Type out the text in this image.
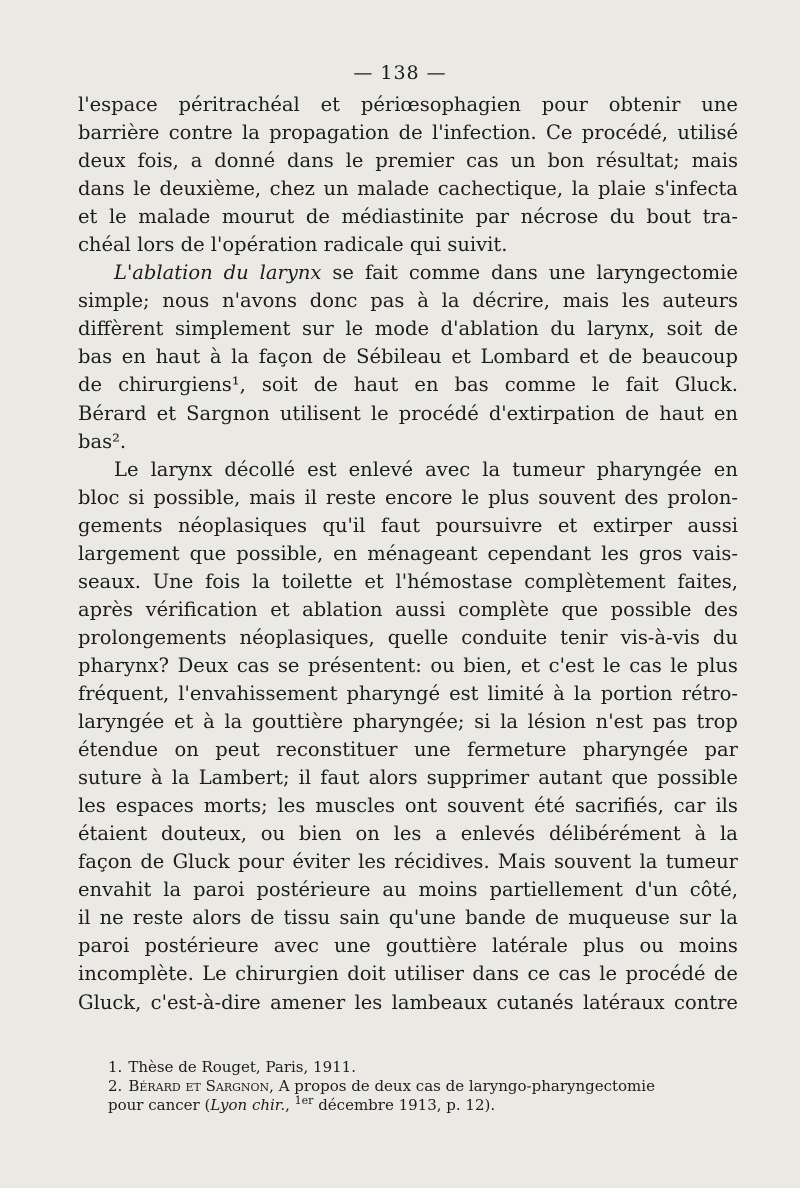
— 138 —
l'espace péritrachéal et périœsophagien pour obtenir une
barrière contre la propagation de l'infection. Ce procédé, utilisé
deux fois, a donné dans le premier cas un bon résultat; mais
dans le deuxième, chez un malade cachectique, la plaie s'infecta
et le malade mourut de médiastinite par nécrose du bout tra-
chéal lors de l'opération radicale qui suivit.
L'ablation du larynx se fait comme dans une laryngectomie
simple; nous n'avons donc pas à la décrire, mais les auteurs
diffèrent simplement sur le mode d'ablation du larynx, soit de
bas en haut à la façon de Sébileau et Lombard et de beaucoup
de chirurgiens¹, soit de haut en bas comme le fait Gluck.
Bérard et Sargnon utilisent le procédé d'extirpation de haut en
bas².
Le larynx décollé est enlevé avec la tumeur pharyngée en
bloc si possible, mais il reste encore le plus souvent des prolon-
gements néoplasiques qu'il faut poursuivre et extirper aussi
largement que possible, en ménageant cependant les gros vais-
seaux. Une fois la toilette et l'hémostase complètement faites,
après vérification et ablation aussi complète que possible des
prolongements néoplasiques, quelle conduite tenir vis-à-vis du
pharynx? Deux cas se présentent: ou bien, et c'est le cas le plus
fréquent, l'envahissement pharyngé est limité à la portion rétro-
laryngée et à la gouttière pharyngée; si la lésion n'est pas trop
étendue on peut reconstituer une fermeture pharyngée par
suture à la Lambert; il faut alors supprimer autant que possible
les espaces morts; les muscles ont souvent été sacrifiés, car ils
étaient douteux, ou bien on les a enlevés délibérément à la
façon de Gluck pour éviter les récidives. Mais souvent la tumeur
envahit la paroi postérieure au moins partiellement d'un côté,
il ne reste alors de tissu sain qu'une bande de muqueuse sur la
paroi postérieure avec une gouttière latérale plus ou moins
incomplète. Le chirurgien doit utiliser dans ce cas le procédé de
Gluck, c'est-à-dire amener les lambeaux cutanés latéraux contre
1. Thèse de Rouget, Paris, 1911.
2. Bérard et Sargnon, A propos de deux cas de laryngo-pharyngectomie
pour cancer (Lyon chir., $^{1er}$ décembre 1913, p. 12).
